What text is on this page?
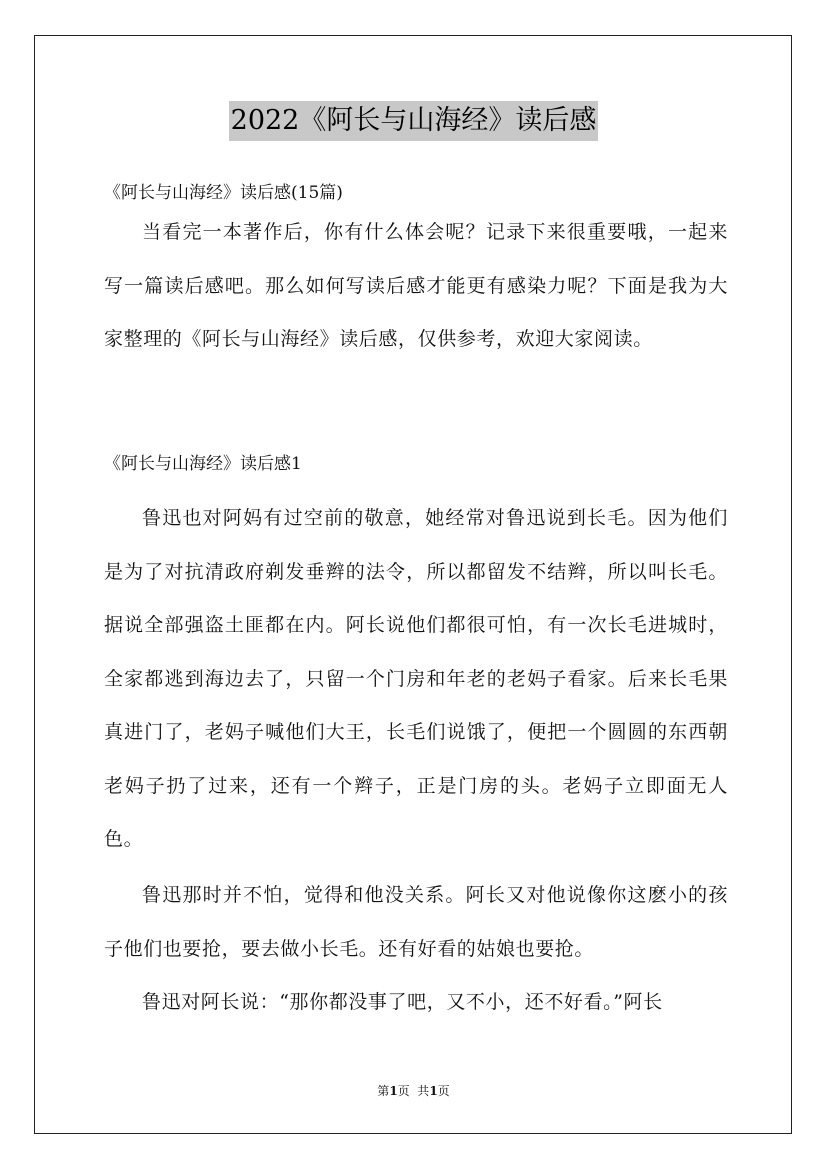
2022《阿长与山海经》读后感
《阿长与山海经》读后感(15篇)

当看完一本著作后，你有什么体会呢？记录下来很重要哦，一起来写一篇读后感吧。那么如何写读后感才能更有感染力呢？下面是我为大家整理的《阿长与山海经》读后感，仅供参考，欢迎大家阅读。

《阿长与山海经》读后感1

鲁迅也对阿妈有过空前的敬意，她经常对鲁迅说到长毛。因为他们是为了对抗清政府剃发垂辫的法令，所以都留发不结辫，所以叫长毛。据说全部强盗土匪都在内。阿长说他们都很可怕，有一次长毛进城时，全家都逃到海边去了，只留一个门房和年老的老妈子看家。后来长毛果真进门了，老妈子喊他们大王，长毛们说饿了，便把一个圆圆的东西朝老妈子扔了过来，还有一个辫子，正是门房的头。老妈子立即面无人色。

鲁迅那时并不怕，觉得和他没关系。阿长又对他说像你这麽小的孩子他们也要抢，要去做小长毛。还有好看的姑娘也要抢。

鲁迅对阿长说：“那你都没事了吧，又不小，还不好看。”阿长

第1页  共1页
